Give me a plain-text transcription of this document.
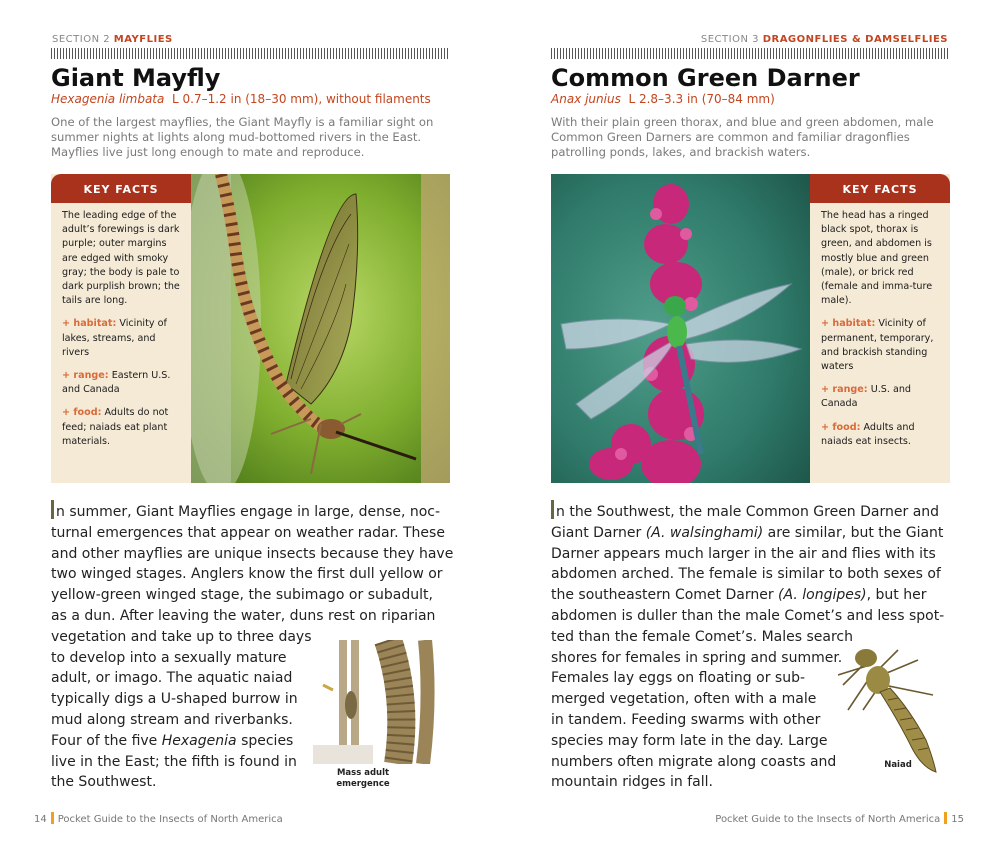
SECTION 2 MAYFLIES
Giant Mayfly
Hexagenia limbata L 0.7–1.2 in (18–30 mm), without filaments
One of the largest mayflies, the Giant Mayfly is a familiar sight on summer nights at lights along mud-bottomed rivers in the East. Mayflies live just long enough to mate and reproduce.
KEY FACTS

The leading edge of the adult’s forewings is dark purple; outer margins are edged with smoky gray; the body is pale to dark purplish brown; the tails are long.

+ habitat: Vicinity of lakes, streams, and rivers

+ range: Eastern U.S. and Canada

+ food: Adults do not feed; naiads eat plant materials.

n summer, Giant Mayflies engage in large, dense, noc-
turnal emergences that appear on weather radar. These
and other mayflies are unique insects because they have
two winged stages. Anglers know the first dull yellow or
yellow-green winged stage, the subimago or subadult,
as a dun. After leaving the water, duns rest on riparian
vegetation and take up to three days
to develop into a sexually mature
adult, or imago. The aquatic naiad
typically digs a U-shaped burrow in
mud along stream and riverbanks.
Four of the five Hexagenia species
live in the East; the fifth is found in
the Southwest.
Mass adult
emergence
14 Pocket Guide to the Insects of North America
SECTION 3 DRAGONFLIES & DAMSELFLIES
Common Green Darner
Anax junius L 2.8–3.3 in (70–84 mm)
With their plain green thorax, and blue and green abdomen, male Common Green Darners are common and familiar dragonflies patrolling ponds, lakes, and brackish waters.
KEY FACTS

The head has a ringed black spot, thorax is green, and abdomen is mostly blue and green (male), or brick red (female and imma-ture male).

+ habitat: Vicinity of permanent, temporary, and brackish standing waters

+ range: U.S. and Canada

+ food: Adults and naiads eat insects.

n the Southwest, the male Common Green Darner and
Giant Darner (A. walsinghami) are similar, but the Giant
Darner appears much larger in the air and flies with its
abdomen arched. The female is similar to both sexes of
the southeastern Comet Darner (A. longipes), but her
abdomen is duller than the male Comet’s and less spot-
ted than the female Comet’s. Males search
shores for females in spring and summer.
Females lay eggs on floating or sub-
merged vegetation, often with a male
in tandem. Feeding swarms with other
species may form late in the day. Large
numbers often migrate along coasts and
mountain ridges in fall.
Naiad
Pocket Guide to the Insects of North America 15
